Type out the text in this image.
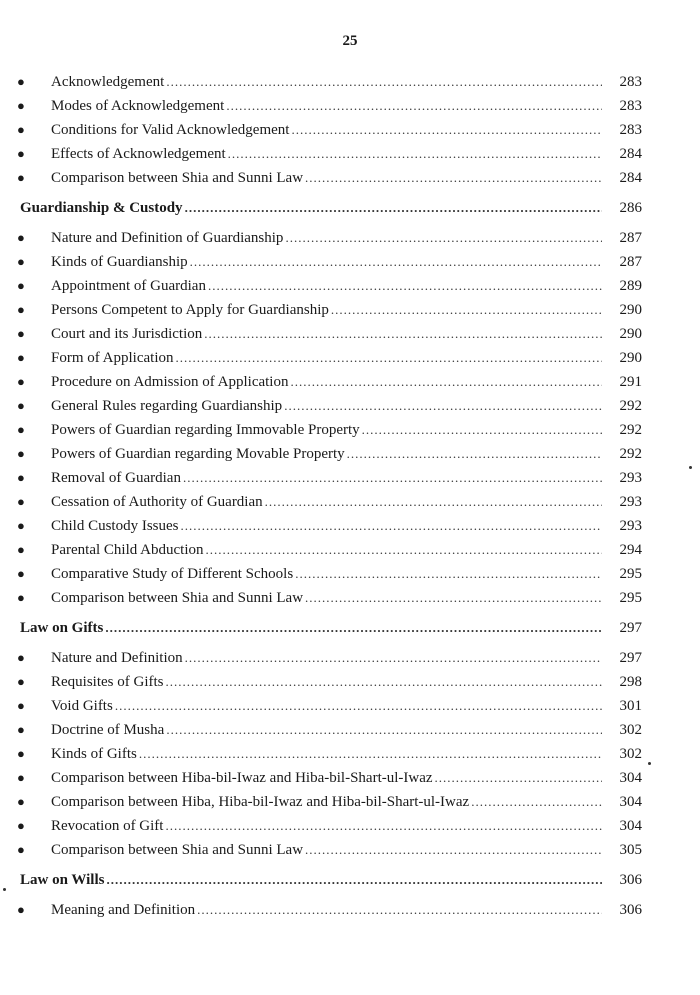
25
● Acknowledgement .....	283
● Modes of Acknowledgement .....	283
● Conditions for Valid Acknowledgement .....	283
● Effects of Acknowledgement .....	284
● Comparison between Shia and Sunni Law .....	284
Guardianship & Custody .....	286
● Nature and Definition of Guardianship .....	287
● Kinds of Guardianship .....	287
● Appointment of Guardian .....	289
● Persons Competent to Apply for Guardianship .....	290
● Court and its Jurisdiction .....	290
● Form of Application .....	290
● Procedure on Admission of Application .....	291
● General Rules regarding Guardianship .....	292
● Powers of Guardian regarding Immovable Property .....	292
● Powers of Guardian regarding Movable Property .....	292
● Removal of Guardian .....	293
● Cessation of Authority of Guardian .....	293
● Child Custody Issues .....	293
● Parental Child Abduction .....	294
● Comparative Study of Different Schools .....	295
● Comparison between Shia and Sunni Law .....	295
Law on Gifts .....	297
● Nature and Definition .....	297
● Requisites of Gifts .....	298
● Void Gifts .....	301
● Doctrine of Musha .....	302
● Kinds of Gifts .....	302
● Comparison between Hiba-bil-Iwaz and Hiba-bil-Shart-ul-Iwaz .....	304
● Comparison between Hiba, Hiba-bil-Iwaz and Hiba-bil-Shart-ul-Iwaz .....	304
● Revocation of Gift .....	304
● Comparison between Shia and Sunni Law .....	305
Law on Wills .....	306
● Meaning and Definition .....	306
